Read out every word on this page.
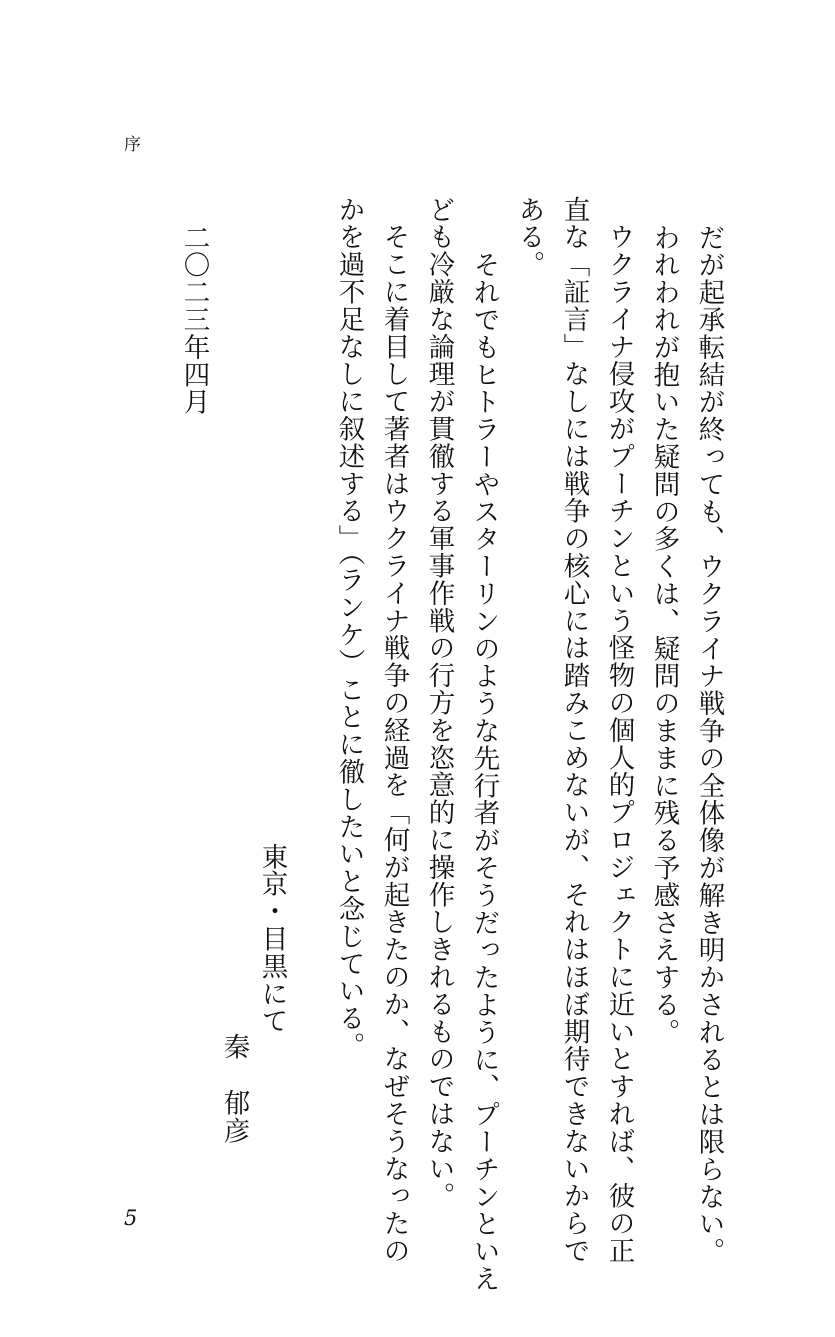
序
だが起承転結が終っても、ウクライナ戦争の全体像が解き明かされるとは限らない。
われわれが抱いた疑問の多くは、疑問のままに残る予感さえする。
　ウクライナ侵攻がプーチンという怪物の個人的プロジェクトに近いとすれば、彼の正
直な「証言」なしには戦争の核心には踏みこめないが、それはほぼ期待できないからで
ある。
　それでもヒトラーやスターリンのような先行者がそうだったように、プーチンといえ
ども冷厳な論理が貫徹する軍事作戦の行方を恣意的に操作しきれるものではない。
　そこに着目して著者はウクライナ戦争の経過を「何が起きたのか、なぜそうなったの
かを過不足なしに叙述する」（ランケ）ことに徹したいと念じている。
東京・目黒にて
秦　郁彦
二〇二三年四月
5
